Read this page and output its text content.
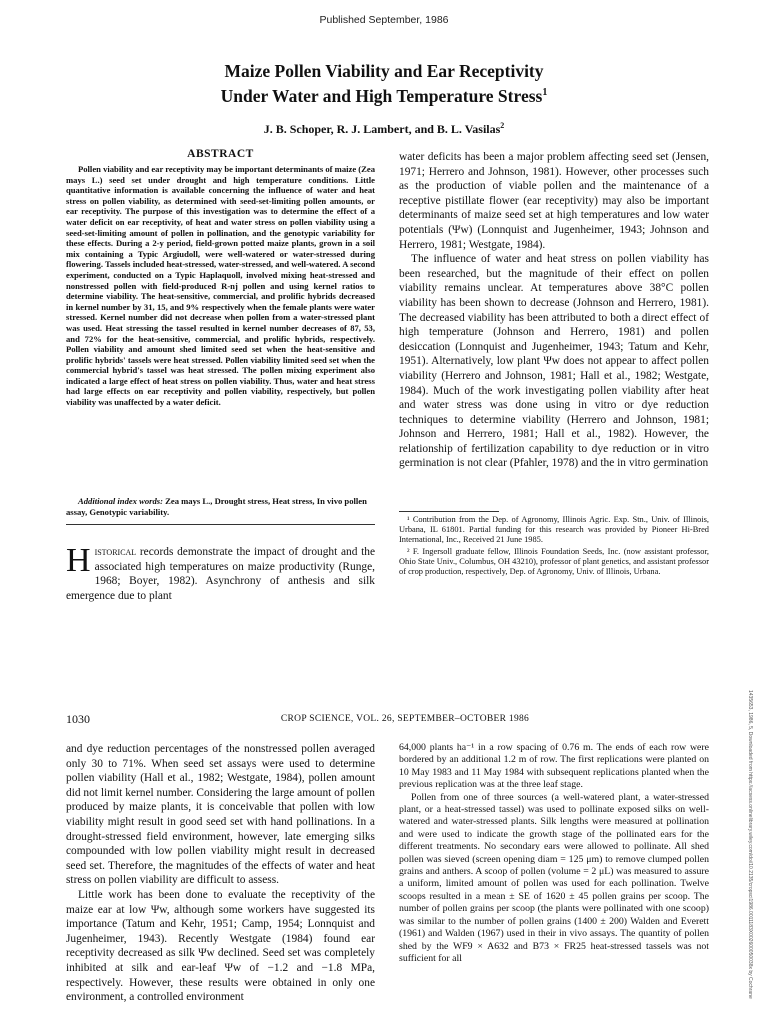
Published September, 1986
Maize Pollen Viability and Ear Receptivity
Under Water and High Temperature Stress$^1$
J. B. Schoper, R. J. Lambert, and B. L. Vasilas$^2$
ABSTRACT

Pollen viability and ear receptivity may be important determinants of maize (Zea mays L.) seed set under drought and high temperature conditions. Little quantitative information is available concerning the influence of water and heat stress on pollen viability, as determined with seed-set-limiting pollen amounts, or ear receptivity. The purpose of this investigation was to determine the effect of a water deficit on ear receptivity, of heat and water stress on pollen viability using a seed-set-limiting amount of pollen in pollination, and the genotypic variability for these effects. During a 2-y period, field-grown potted maize plants, grown in a soil mix containing a Typic Argiudoll, were well-watered or water-stressed during flowering. Tassels included heat-stressed, water-stressed, and well-watered. A second experiment, conducted on a Typic Haplaquoll, involved mixing heat-stressed and nonstressed pollen with field-produced R-nj pollen and using kernel ratios to determine viability. The heat-sensitive, commercial, and prolific hybrids decreased in kernel number by 31, 15, and 9% respectively when the female plants were water stressed. Kernel number did not decrease when pollen from a water-stressed plant was used. Heat stressing the tassel resulted in kernel number decreases of 87, 53, and 72% for the heat-sensitive, commercial, and prolific hybrids, respectively. Pollen viability and amount shed limited seed set when the heat-sensitive and prolific hybrids' tassels were heat stressed. Pollen viability limited seed set when the commercial hybrid's tassel was heat stressed. The pollen mixing experiment also indicated a large effect of heat stress on pollen viability. Thus, water and heat stress had large effects on ear receptivity and pollen viability, respectively, but pollen viability was unaffected by a water deficit.

Additional index words: Zea mays L., Drought stress, Heat stress, In vivo pollen assay, Genotypic variability.

Historical records demonstrate the impact of drought and the associated high temperatures on maize productivity (Runge, 1968; Boyer, 1982). Asynchrony of anthesis and silk emergence due to plant

water deficits has been a major problem affecting seed set (Jensen, 1971; Herrero and Johnson, 1981). However, other processes such as the production of viable pollen and the maintenance of a receptive pistillate flower (ear receptivity) may also be important determinants of maize seed set at high temperatures and low water potentials (Ψw) (Lonnquist and Jugenheimer, 1943; Johnson and Herrero, 1981; Westgate, 1984).

The influence of water and heat stress on pollen viability has been researched, but the magnitude of their effect on pollen viability remains unclear. At temperatures above 38°C pollen viability has been shown to decrease (Johnson and Herrero, 1981). The decreased viability has been attributed to both a direct effect of high temperature (Johnson and Herrero, 1981) and pollen desiccation (Lonnquist and Jugenheimer, 1943; Tatum and Kehr, 1951). Alternatively, low plant Ψw does not appear to affect pollen viability (Herrero and Johnson, 1981; Hall et al., 1982; Westgate, 1984). Much of the work investigating pollen viability after heat and water stress was done using in vitro or dye reduction techniques to determine viability (Herrero and Johnson, 1981; Johnson and Herrero, 1981; Hall et al., 1982). However, the relationship of fertilization capability to dye reduction or in vitro germination is not clear (Pfahler, 1978) and the in vitro germination

¹ Contribution from the Dep. of Agronomy, Illinois Agric. Exp. Stn., Univ. of Illinois, Urbana, IL 61801. Partial funding for this research was provided by Pioneer Hi-Bred International, Inc., Received 21 June 1985.

² F. Ingersoll graduate fellow, Illinois Foundation Seeds, Inc. (now assistant professor, Ohio State Univ., Columbus, OH 43210), professor of plant genetics, and assistant professor of crop production, respectively, Dep. of Agronomy, Univ. of Illinois, Urbana.

1435653, 1986, 5, Downloaded from https://acsess.onlinelibrary.wiley.com/doi/10.2135/cropsci1986.0011183X002600050038x by Cochrane
1030	CROP SCIENCE, VOL. 26, SEPTEMBER–OCTOBER 1986

and dye reduction percentages of the nonstressed pollen averaged only 30 to 71%. When seed set assays were used to determine pollen viability (Hall et al., 1982; Westgate, 1984), pollen amount did not limit kernel number. Considering the large amount of pollen produced by maize plants, it is conceivable that pollen with low viability might result in good seed set with hand pollinations. In a drought-stressed field environment, however, late emerging silks compounded with low pollen viability might result in decreased seed set. Therefore, the magnitudes of the effects of water and heat stress on pollen viability are difficult to assess.

Little work has been done to evaluate the receptivity of the maize ear at low Ψw, although some workers have suggested its importance (Tatum and Kehr, 1951; Camp, 1954; Lonnquist and Jugenheimer, 1943). Recently Westgate (1984) found ear receptivity decreased as silk Ψw declined. Seed set was completely inhibited at silk and ear-leaf Ψw of −1.2 and −1.8 MPa, respectively. However, these results were obtained in only one environment, a controlled environment

64,000 plants ha⁻¹ in a row spacing of 0.76 m. The ends of each row were bordered by an additional 1.2 m of row. The first replications were planted on 10 May 1983 and 11 May 1984 with subsequent replications planted when the previous replication was at the three leaf stage.

Pollen from one of three sources (a well-watered plant, a water-stressed plant, or a heat-stressed tassel) was used to pollinate exposed silks on well-watered and water-stressed plants. Silk lengths were measured at pollination and were used to indicate the growth stage of the pollinated ears for the different treatments. No secondary ears were allowed to pollinate. All shed pollen was sieved (screen opening diam = 125 μm) to remove clumped pollen grains and anthers. A scoop of pollen (volume = 2 μL) was measured to assure a uniform, limited amount of pollen was used for each pollination. Twelve scoops resulted in a mean ± SE of 1620 ± 45 pollen grains per scoop. The number of pollen grains per scoop (the plants were pollinated with one scoop) was similar to the number of pollen grains (1400 ± 200) Walden and Everett (1961) and Walden (1967) used in their in vivo assays. The quantity of pollen shed by the WF9 × A632 and B73 × FR25 heat-stressed tassels was not sufficient for all
